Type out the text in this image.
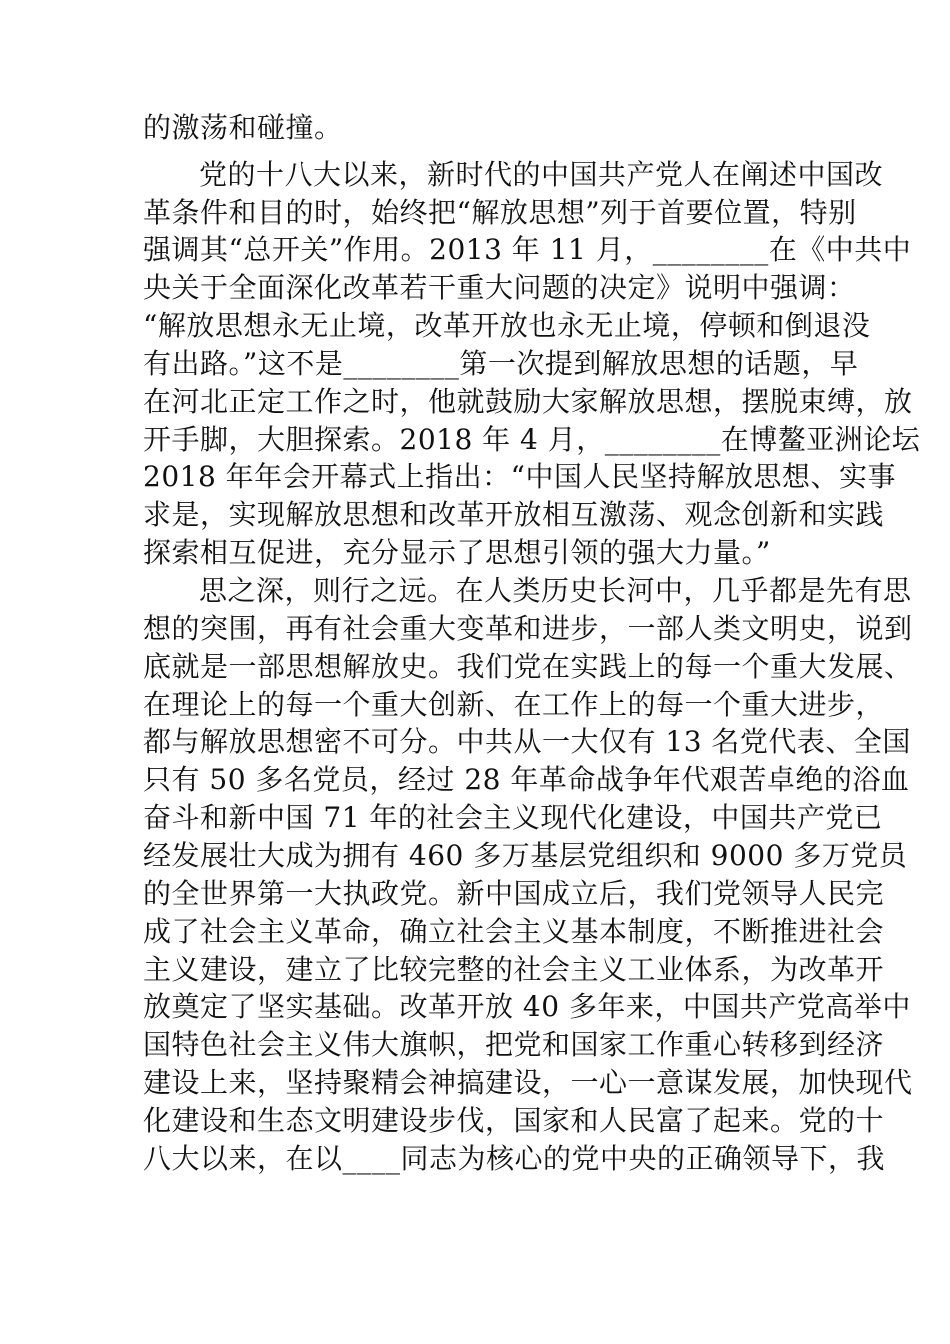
的激荡和碰撞。
党的十八大以来，新时代的中国共产党人在阐述中国改
革条件和目的时，始终把“解放思想”列于首要位置，特别
强调其“总开关”作用。2013 年 11 月，________在《中共中
央关于全面深化改革若干重大问题的决定》说明中强调：
“解放思想永无止境，改革开放也永无止境，停顿和倒退没
有出路。”这不是________第一次提到解放思想的话题，早
在河北正定工作之时，他就鼓励大家解放思想，摆脱束缚，放
开手脚，大胆探索。2018 年 4 月，________在博鳌亚洲论坛
2018 年年会开幕式上指出：“中国人民坚持解放思想、实事
求是，实现解放思想和改革开放相互激荡、观念创新和实践
探索相互促进，充分显示了思想引领的强大力量。”
思之深，则行之远。在人类历史长河中，几乎都是先有思
想的突围，再有社会重大变革和进步，一部人类文明史，说到
底就是一部思想解放史。我们党在实践上的每一个重大发展、
在理论上的每一个重大创新、在工作上的每一个重大进步，
都与解放思想密不可分。中共从一大仅有 13 名党代表、全国
只有 50 多名党员，经过 28 年革命战争年代艰苦卓绝的浴血
奋斗和新中国 71 年的社会主义现代化建设，中国共产党已
经发展壮大成为拥有 460 多万基层党组织和 9000 多万党员
的全世界第一大执政党。新中国成立后，我们党领导人民完
成了社会主义革命，确立社会主义基本制度，不断推进社会
主义建设，建立了比较完整的社会主义工业体系，为改革开
放奠定了坚实基础。改革开放 40 多年来，中国共产党高举中
国特色社会主义伟大旗帜，把党和国家工作重心转移到经济
建设上来，坚持聚精会神搞建设，一心一意谋发展，加快现代
化建设和生态文明建设步伐，国家和人民富了起来。党的十
八大以来，在以____同志为核心的党中央的正确领导下，我
